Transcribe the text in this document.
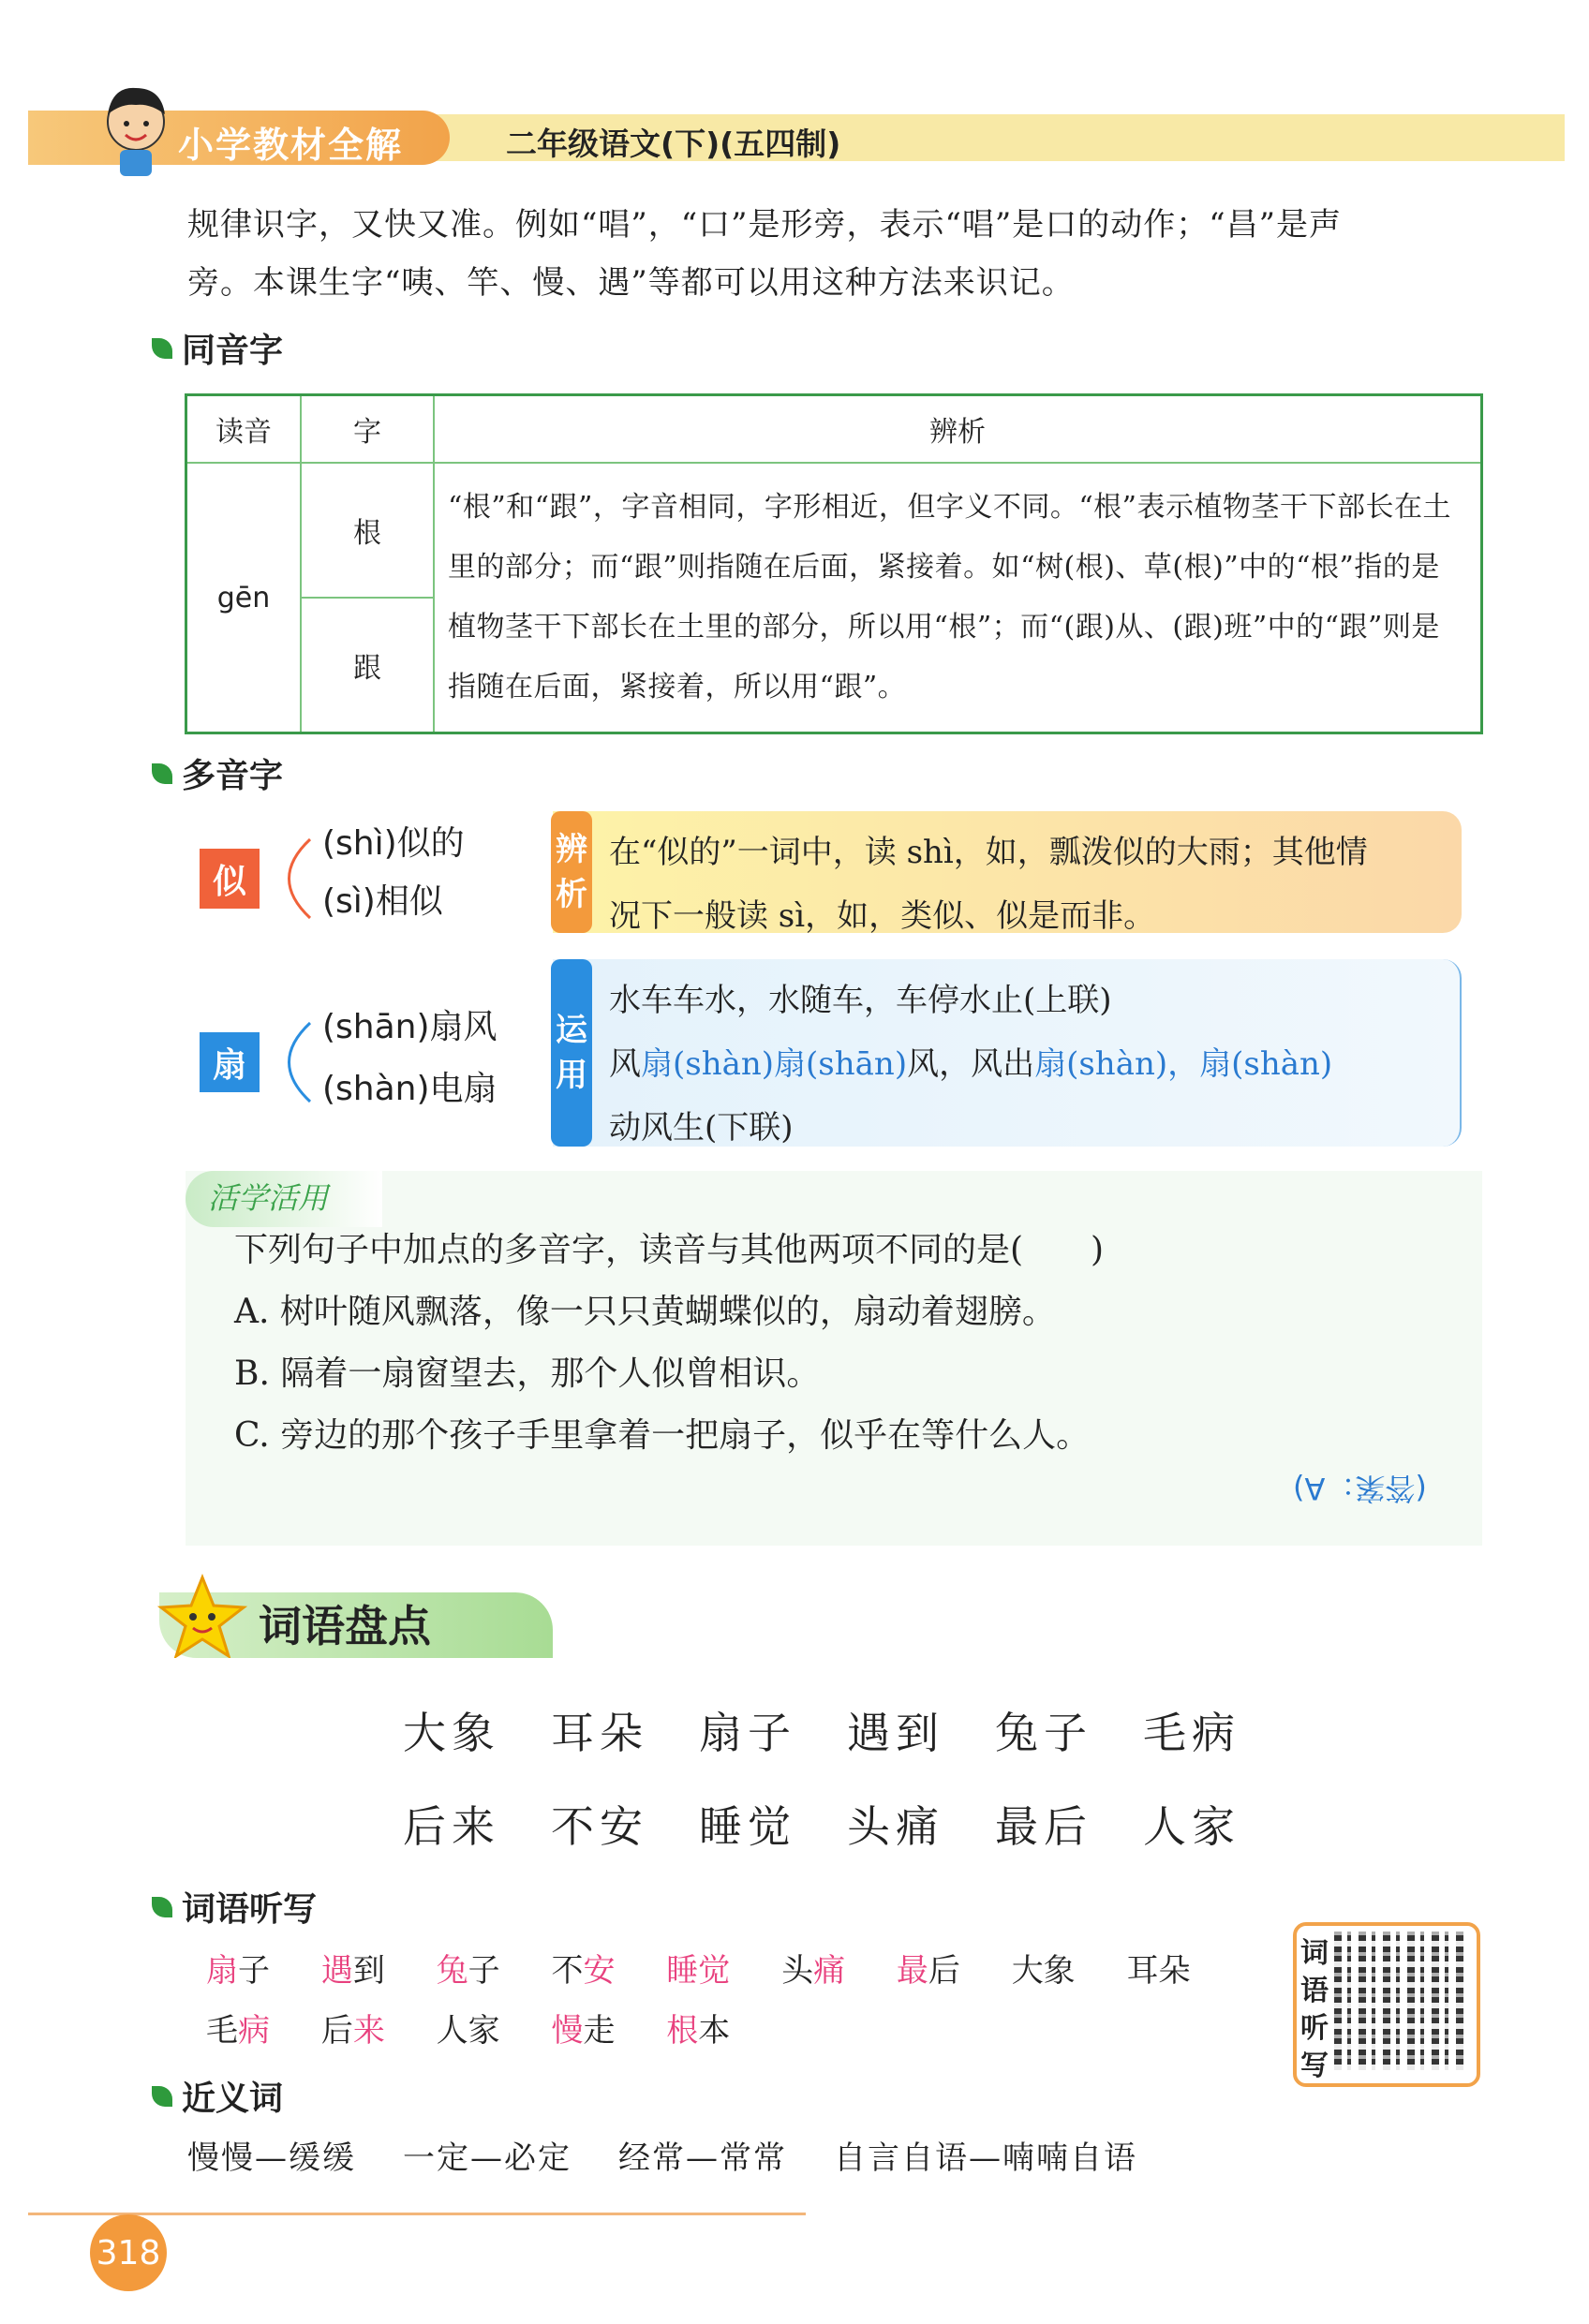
小学教材全解	二年级语文(下)(五四制)
规律识字，又快又准。例如“唱”，“口”是形旁，表示“唱”是口的动作；“昌”是声
旁。本课生字“咦、竿、慢、遇”等都可以用这种方法来识记。
同音字
读音	字	辨析
gēn	根	“根”和“跟”，字音相同，字形相近，但字义不同。“根”表示植物茎干下部长在土里的部分；而“跟”则指随在后面，紧接着。如“树(根)、草(根)”中的“根”指的是植物茎干下部长在土里的部分，所以用“根”；而“(跟)从、(跟)班”中的“跟”则是指随在后面，紧接着，所以用“跟”。
	跟	
多音字
似
(shì)似的
(sì)相似
在“似的”一词中，读 shì，如，瓢泼似的大雨；其他情
况下一般读 sì，如，类似、似是而非。
辨
析
扇
(shān)扇风
(shàn)电扇
水车车水，水随车，车停水止(上联)
风扇(shàn)扇(shān)风，风出扇(shàn)，扇(shàn)
动风生(下联)
运
用
活学活用
下列句子中加点的多音字，读音与其他两项不同的是(　　)
A. 树叶随风飘落，像一只只黄蝴蝶似的，扇动着翅膀。
B. 隔着一扇窗望去，那个人似曾相识。
C. 旁边的那个孩子手里拿着一把扇子，似乎在等什么人。
(答案：A)
词语盘点
大象 耳朵 扇子 遇到 兔子 毛病
后来 不安 睡觉 头痛 最后 人家
词语听写
扇子 遇到 兔子 不安 睡觉 头痛 最后 大象 耳朵
毛病 后来 人家 慢走 根本
词
语
听
写
近义词
慢慢—缓缓 一定—必定 经常—常常 自言自语—喃喃自语
318
